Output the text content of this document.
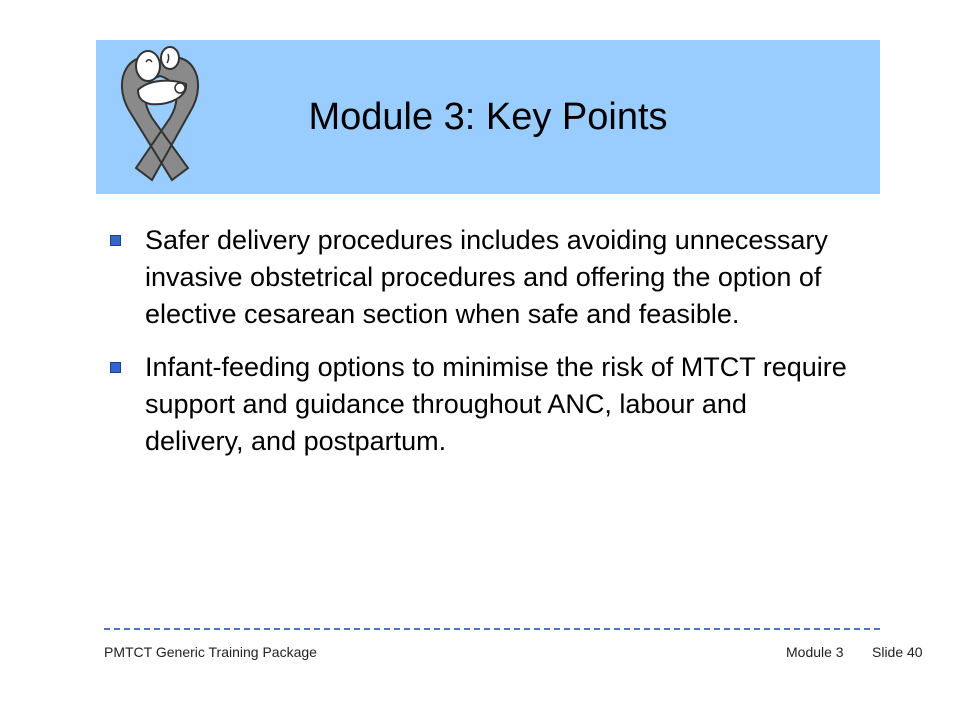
Module 3: Key Points
Safer delivery procedures includes avoiding unnecessary invasive obstetrical procedures and offering the option of elective cesarean section when safe and feasible.
Infant-feeding options to minimise the risk of MTCT require support and guidance throughout ANC, labour and delivery, and postpartum.
PMTCT Generic Training Package	Module 3 Slide 40
